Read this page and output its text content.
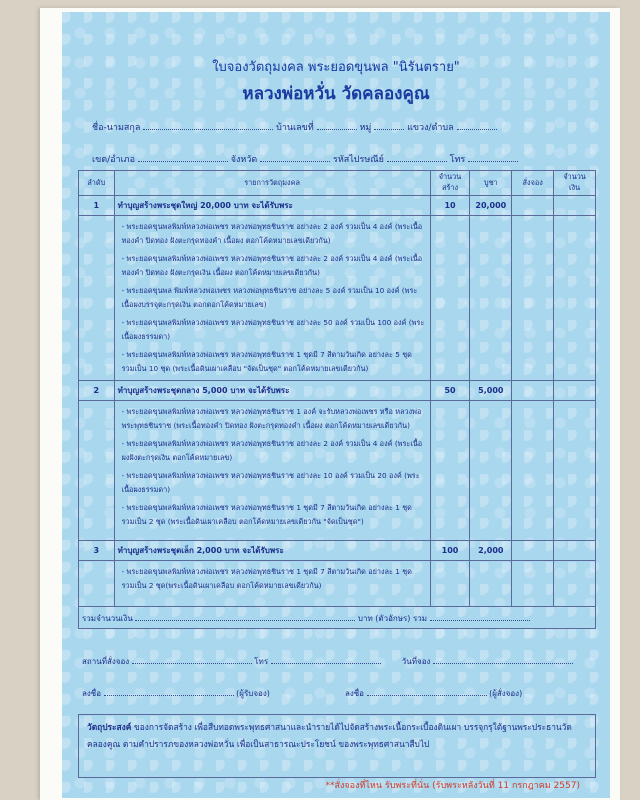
ใบจองวัตถุมงคล พระยอดขุนพล "นิรันตราย"
หลวงพ่อหวั่น วัดคลองคูณ
ชื่อ-นามสกุล	บ้านเลขที่	หมู่	แขวง/ตำบล
เขต/อำเภอ	จังหวัด	รหัสไปรษณีย์	โทร
ลำดับ	รายการวัตถุมงคล	จำนวน สร้าง	บูชา	สั่งจอง	จำนวน เงิน
1	ทำบุญสร้างพระชุดใหญ่ 20,000 บาท จะได้รับพระ	10	20,000		

	- พระยอดขุนพลพิมพ์หลวงพ่อเพชร หลวงพ่อพุทธชินราช อย่างละ 2 องค์ รวมเป็น 4 องค์ (พระเนื้อทองคำ ปิดทอง ฝังตะกรุดทองคำ เนื้อผง ตอกโค้ดหมายเลขเดียวกัน)

- พระยอดขุนพลพิมพ์หลวงพ่อเพชร หลวงพ่อพุทธชินราช อย่างละ 2 องค์ รวมเป็น 4 องค์ (พระเนื้อทองคำ ปิดทอง ฝังตะกรุดเงิน เนื้อผง ตอกโค้ดหมายเลขเดียวกัน)

- พระยอดขุนพล พิมพ์หลวงพ่อเพชร หลวงพ่อพุทธชินราช อย่างละ 5 องค์ รวมเป็น 10 องค์ (พระเนื้อผงบรรจุตะกรุดเงิน ตอกตอกโค้ดหมายเลข)

- พระยอดขุนพลพิมพ์หลวงพ่อเพชร หลวงพ่อพุทธชินราช อย่างละ 50 องค์ รวมเป็น 100 องค์ (พระเนื้อผงธรรมดา)

- พระยอดขุนพลพิมพ์หลวงพ่อเพชร หลวงพ่อพุทธชินราช 1 ชุดมี 7 สีตามวันเกิด อย่างละ 5 ชุด รวมเป็น 10 ชุด (พระเนื้อดินเผาเคลือบ "จัดเป็นชุด" ตอกโค้ดหมายเลขเดียวกัน)				

2	ทำบุญสร้างพระชุดกลาง 5,000 บาท จะได้รับพระ	50	5,000		

	- พระยอดขุนพลพิมพ์หลวงพ่อเพชร หลวงพ่อพุทธชินราช 1 องค์ จะรับหลวงพ่อเพชร หรือ หลวงพ่อพระพุทธชินราช (พระเนื้อทองคำ ปิดทอง ฝังตะกรุดทองคำ เนื้อผง ตอกโค้ดหมายเลขเดียวกัน)

- พระยอดขุนพลพิมพ์หลวงพ่อเพชร หลวงพ่อพุทธชินราช อย่างละ 2 องค์ รวมเป็น 4 องค์ (พระเนื้อผงฝังตะกรุดเงิน ตอกโค้ดหมายเลข)

- พระยอดขุนพลพิมพ์หลวงพ่อเพชร หลวงพ่อพุทธชินราช อย่างละ 10 องค์ รวมเป็น 20 องค์ (พระเนื้อผงธรรมดา)

- พระยอดขุนพลพิมพ์หลวงพ่อเพชร หลวงพ่อพุทธชินราช 1 ชุดมี 7 สีตามวันเกิด อย่างละ 1 ชุด รวมเป็น 2 ชุด (พระเนื้อดินเผาเคลือบ ตอกโค้ดหมายเลขเดียวกัน "จัดเป็นชุด")				

3	ทำบุญสร้างพระชุดเล็ก 2,000 บาท จะได้รับพระ	100	2,000		

	- พระยอดขุนพลพิมพ์หลวงพ่อเพชร หลวงพ่อพุทธชินราช 1 ชุดมี 7 สีตามวันเกิด อย่างละ 1 ชุด รวมเป็น 2 ชุด(พระเนื้อดินเผาเคลือบ ตอกโค้ดหมายเลขเดียวกัน)				

รวมจำนวนเงิน บาท (ตัวอักษร) รวม					
สถานที่สั่งจอง	โทร	วันที่จอง
ลงชื่อ	(ผู้รับจอง)	ลงชื่อ	(ผู้สั่งจอง)
วัตถุประสงค์ ของการจัดสร้าง เพื่อสืบทอดพระพุทธศาสนาและนำรายได้ไปจัดสร้างพระเนื้อกระเบื้องดินเผา บรรจุกรุใต้ฐานพระประธานวัดคลองคูณ ตามคำปรารภของหลวงพ่อหวั่น เพื่อเป็นสาธารณะประโยชน์ ของพระพุทธศาสนาสืบไป
**สั่งจองที่ไหน รับพระที่นั่น (รับพระหลังวันที่ 11 กรกฎาคม 2557)
